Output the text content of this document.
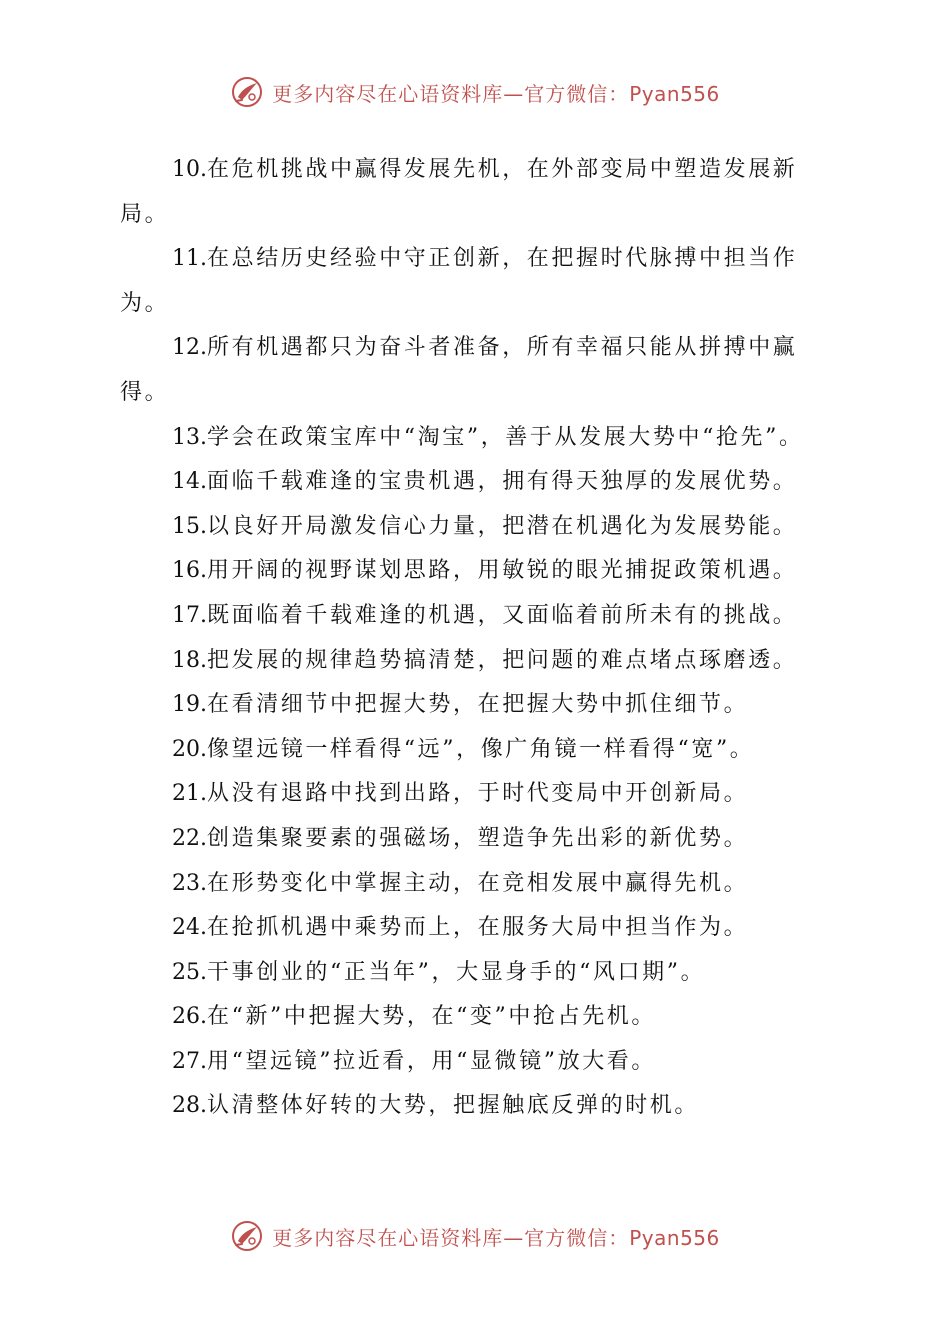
更多内容尽在心语资料库—官方微信：Pyan556

10.在危机挑战中赢得发展先机，在外部变局中塑造发展新局。

11.在总结历史经验中守正创新，在把握时代脉搏中担当作为。

12.所有机遇都只为奋斗者准备，所有幸福只能从拼搏中赢得。

13.学会在政策宝库中“淘宝”，善于从发展大势中“抢先”。

14.面临千载难逢的宝贵机遇，拥有得天独厚的发展优势。

15.以良好开局激发信心力量，把潜在机遇化为发展势能。

16.用开阔的视野谋划思路，用敏锐的眼光捕捉政策机遇。

17.既面临着千载难逢的机遇，又面临着前所未有的挑战。

18.把发展的规律趋势搞清楚，把问题的难点堵点琢磨透。

19.在看清细节中把握大势，在把握大势中抓住细节。

20.像望远镜一样看得“远”，像广角镜一样看得“宽”。

21.从没有退路中找到出路，于时代变局中开创新局。

22.创造集聚要素的强磁场，塑造争先出彩的新优势。

23.在形势变化中掌握主动，在竞相发展中赢得先机。

24.在抢抓机遇中乘势而上，在服务大局中担当作为。

25.干事创业的“正当年”，大显身手的“风口期”。

26.在“新”中把握大势，在“变”中抢占先机。

27.用“望远镜”拉近看，用“显微镜”放大看。

28.认清整体好转的大势，把握触底反弹的时机。

更多内容尽在心语资料库—官方微信：Pyan556
